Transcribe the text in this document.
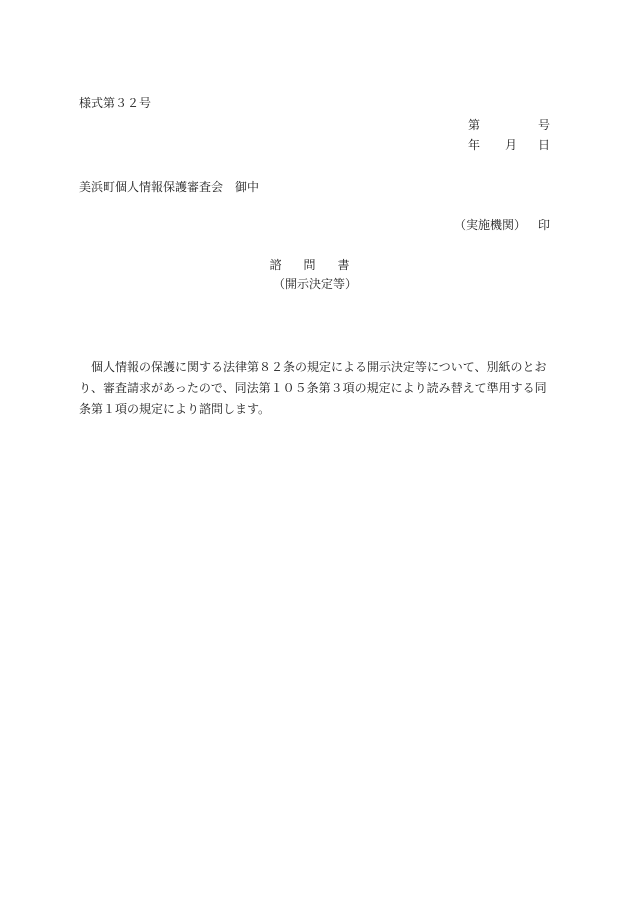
様式第３２号
第	号
年 月 日
美浜町個人情報保護審査会 御中
（実施機関） 印
諮問書
（開示決定等）
個人情報の保護に関する法律第８２条の規定による開示決定等について、別紙のとおり、審査請求があったので、同法第１０５条第３項の規定により読み替えて準用する同条第１項の規定により諮問します。
